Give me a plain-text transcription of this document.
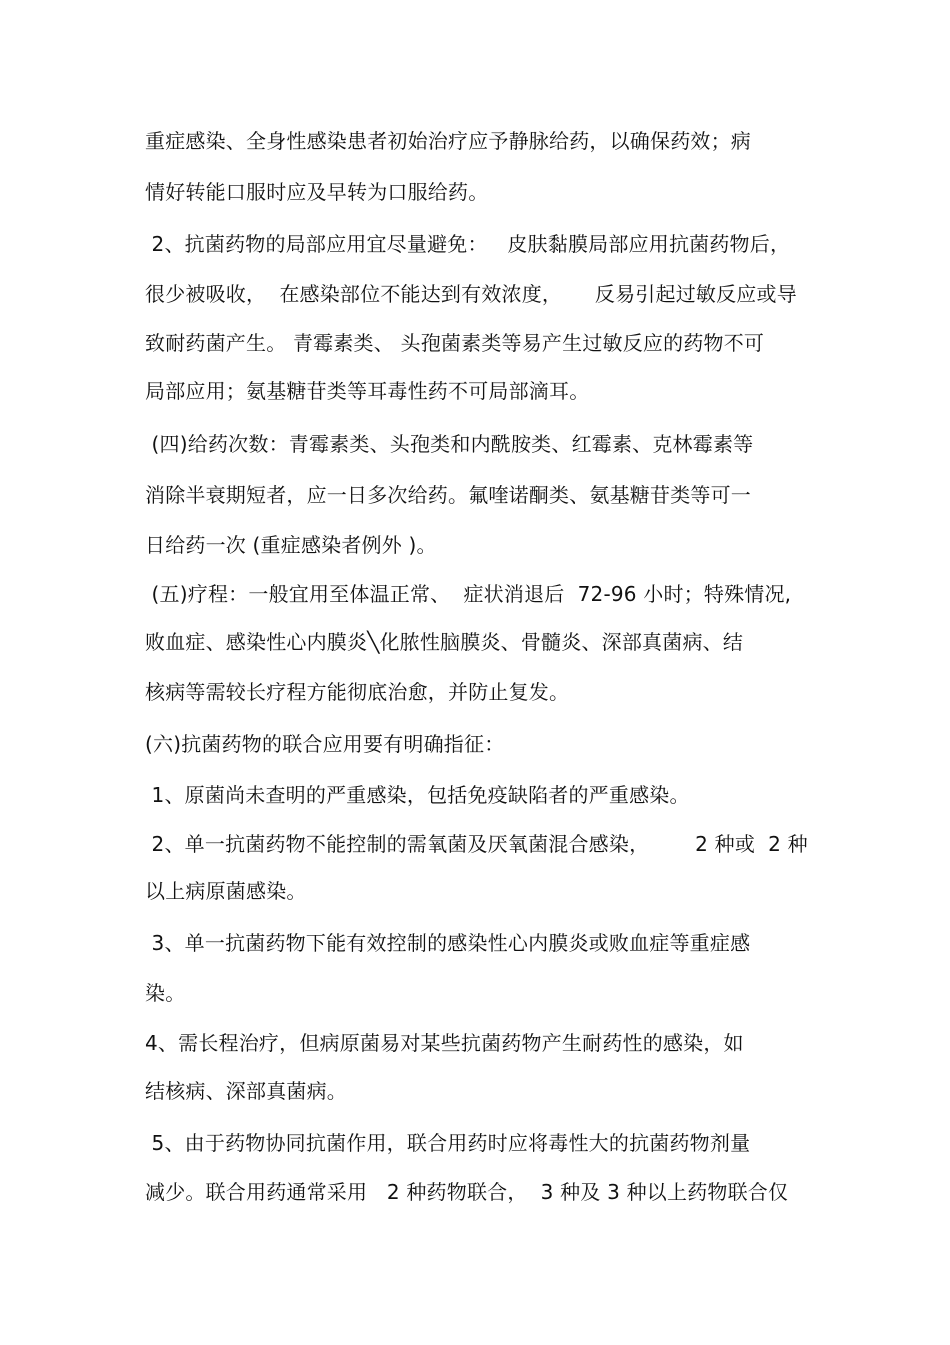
重症感染、全身性感染患者初始治疗应予静脉给药，以确保药效；病
情好转能口服时应及早转为口服给药。
2、抗菌药物的局部应用宜尽量避免：   皮肤黏膜局部应用抗菌药物后，
很少被吸收，  在感染部位不能达到有效浓度，     反易引起过敏反应或导
致耐药菌产生。 青霉素类、 头孢菌素类等易产生过敏反应的药物不可
局部应用；氨基糖苷类等耳毒性药不可局部滴耳。
(四)给药次数：青霉素类、头孢类和内酰胺类、红霉素、克林霉素等
消除半衰期短者，应一日多次给药。氟喹诺酮类、氨基糖苷类等可一
日给药一次 (重症感染者例外 )。
(五)疗程：一般宜用至体温正常、  症状消退后  72-96 小时；特殊情况,
败血症、感染性心内膜炎╲化脓性脑膜炎、骨髓炎、深部真菌病、结
核病等需较长疗程方能彻底治愈，并防止复发。
(六)抗菌药物的联合应用要有明确指征：
1、原菌尚未查明的严重感染，包括免疫缺陷者的严重感染。
2、单一抗菌药物不能控制的需氧菌及厌氧菌混合感染，       2 种或  2 种
以上病原菌感染。
3、单一抗菌药物下能有效控制的感染性心内膜炎或败血症等重症感
染。
4、需长程治疗，但病原菌易对某些抗菌药物产生耐药性的感染，如
结核病、深部真菌病。
5、由于药物协同抗菌作用，联合用药时应将毒性大的抗菌药物剂量
减少。联合用药通常采用   2 种药物联合，  3 种及 3 种以上药物联合仅
